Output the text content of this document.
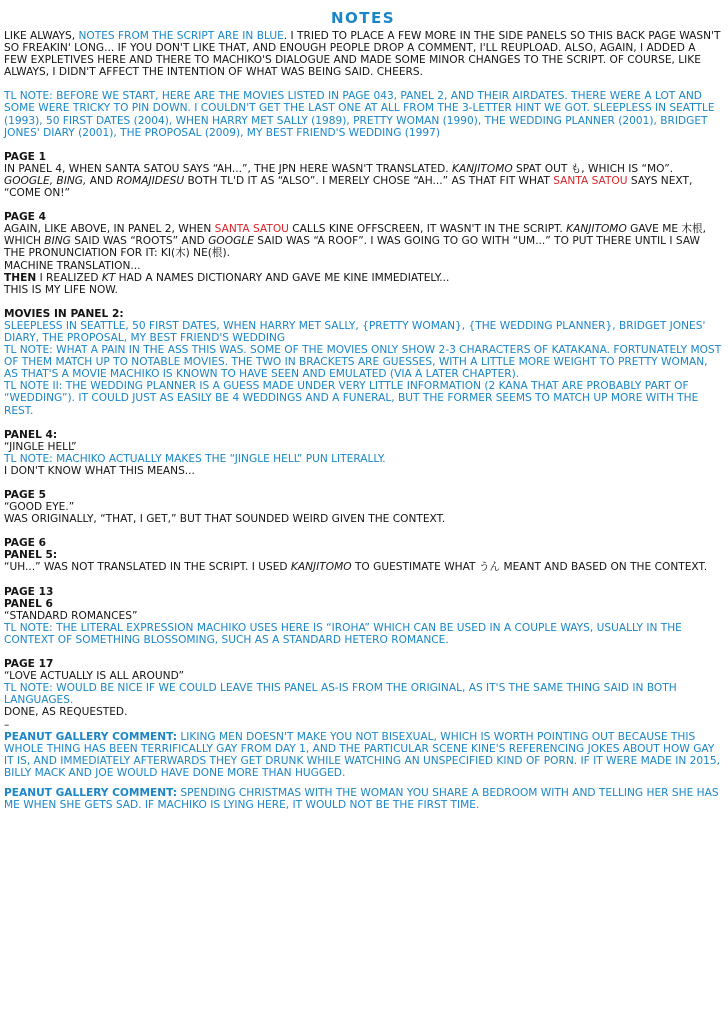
NOTES

LIKE ALWAYS, NOTES FROM THE SCRIPT ARE IN BLUE. I TRIED TO PLACE A FEW MORE IN THE SIDE PANELS SO THIS BACK PAGE WASN'T SO FREAKIN' LONG... IF YOU DON'T LIKE THAT, AND ENOUGH PEOPLE DROP A COMMENT, I'LL REUPLOAD. ALSO, AGAIN, I ADDED A FEW EXPLETIVES HERE AND THERE TO MACHIKO'S DIALOGUE AND MADE SOME MINOR CHANGES TO THE SCRIPT. OF COURSE, LIKE ALWAYS, I DIDN'T AFFECT THE INTENTION OF WHAT WAS BEING SAID. CHEERS.

TL NOTE: BEFORE WE START, HERE ARE THE MOVIES LISTED IN PAGE 043, PANEL 2, AND THEIR AIRDATES. THERE WERE A LOT AND SOME WERE TRICKY TO PIN DOWN. I COULDN'T GET THE LAST ONE AT ALL FROM THE 3-LETTER HINT WE GOT. SLEEPLESS IN SEATTLE (1993), 50 FIRST DATES (2004), WHEN HARRY MET SALLY (1989), PRETTY WOMAN (1990), THE WEDDING PLANNER (2001), BRIDGET JONES' DIARY (2001), THE PROPOSAL (2009), MY BEST FRIEND'S WEDDING (1997)

PAGE 1

IN PANEL 4, WHEN SANTA SATOU SAYS “AH...”, THE JPN HERE WASN'T TRANSLATED. KANJITOMO SPAT OUT も, WHICH IS “MO”. GOOGLE, BING, AND ROMAJIDESU BOTH TL'D IT AS “ALSO”. I MERELY CHOSE “AH...” AS THAT FIT WHAT SANTA SATOU SAYS NEXT, “COME ON!”

PAGE 4

AGAIN, LIKE ABOVE, IN PANEL 2, WHEN SANTA SATOU CALLS KINE OFFSCREEN, IT WASN'T IN THE SCRIPT. KANJITOMO GAVE ME 木根, WHICH BING SAID WAS “ROOTS” AND GOOGLE SAID WAS “A ROOF”. I WAS GOING TO GO WITH “UM...” TO PUT THERE UNTIL I SAW THE PRONUNCIATION FOR IT: KI(木) NE(根).

MACHINE TRANSLATION...

THEN I REALIZED KT HAD A NAMES DICTIONARY AND GAVE ME KINE IMMEDIATELY...

THIS IS MY LIFE NOW.

MOVIES IN PANEL 2:

SLEEPLESS IN SEATTLE, 50 FIRST DATES, WHEN HARRY MET SALLY, {PRETTY WOMAN}, {THE WEDDING PLANNER}, BRIDGET JONES' DIARY, THE PROPOSAL, MY BEST FRIEND'S WEDDING

TL NOTE: WHAT A PAIN IN THE ASS THIS WAS. SOME OF THE MOVIES ONLY SHOW 2-3 CHARACTERS OF KATAKANA. FORTUNATELY MOST OF THEM MATCH UP TO NOTABLE MOVIES. THE TWO IN BRACKETS ARE GUESSES, WITH A LITTLE MORE WEIGHT TO PRETTY WOMAN, AS THAT'S A MOVIE MACHIKO IS KNOWN TO HAVE SEEN AND EMULATED (VIA A LATER CHAPTER).

TL NOTE II: THE WEDDING PLANNER IS A GUESS MADE UNDER VERY LITTLE INFORMATION (2 KANA THAT ARE PROBABLY PART OF “WEDDING”). IT COULD JUST AS EASILY BE 4 WEDDINGS AND A FUNERAL, BUT THE FORMER SEEMS TO MATCH UP MORE WITH THE REST.

PANEL 4:

“JINGLE HELL”

TL NOTE: MACHIKO ACTUALLY MAKES THE “JINGLE HELL” PUN LITERALLY.

I DON'T KNOW WHAT THIS MEANS...

PAGE 5

“GOOD EYE.”

WAS ORIGINALLY, “THAT, I GET,” BUT THAT SOUNDED WEIRD GIVEN THE CONTEXT.

PAGE 6

PANEL 5:

“UH...” WAS NOT TRANSLATED IN THE SCRIPT. I USED KANJITOMO TO GUESTIMATE WHAT うん MEANT AND BASED ON THE CONTEXT.

PAGE 13

PANEL 6

“STANDARD ROMANCES”

TL NOTE: THE LITERAL EXPRESSION MACHIKO USES HERE IS “IROHA” WHICH CAN BE USED IN A COUPLE WAYS, USUALLY IN THE CONTEXT OF SOMETHING BLOSSOMING, SUCH AS A STANDARD HETERO ROMANCE.

PAGE 17

“LOVE ACTUALLY IS ALL AROUND”

TL NOTE: WOULD BE NICE IF WE COULD LEAVE THIS PANEL AS-IS FROM THE ORIGINAL, AS IT'S THE SAME THING SAID IN BOTH LANGUAGES.

DONE, AS REQUESTED.

–

PEANUT GALLERY COMMENT: LIKING MEN DOESN'T MAKE YOU NOT BISEXUAL, WHICH IS WORTH POINTING OUT BECAUSE THIS WHOLE THING HAS BEEN TERRIFICALLY GAY FROM DAY 1, AND THE PARTICULAR SCENE KINE'S REFERENCING JOKES ABOUT HOW GAY IT IS, AND IMMEDIATELY AFTERWARDS THEY GET DRUNK WHILE WATCHING AN UNSPECIFIED KIND OF PORN. IF IT WERE MADE IN 2015, BILLY MACK AND JOE WOULD HAVE DONE MORE THAN HUGGED.

PEANUT GALLERY COMMENT: SPENDING CHRISTMAS WITH THE WOMAN YOU SHARE A BEDROOM WITH AND TELLING HER SHE HAS ME WHEN SHE GETS SAD. IF MACHIKO IS LYING HERE, IT WOULD NOT BE THE FIRST TIME.
